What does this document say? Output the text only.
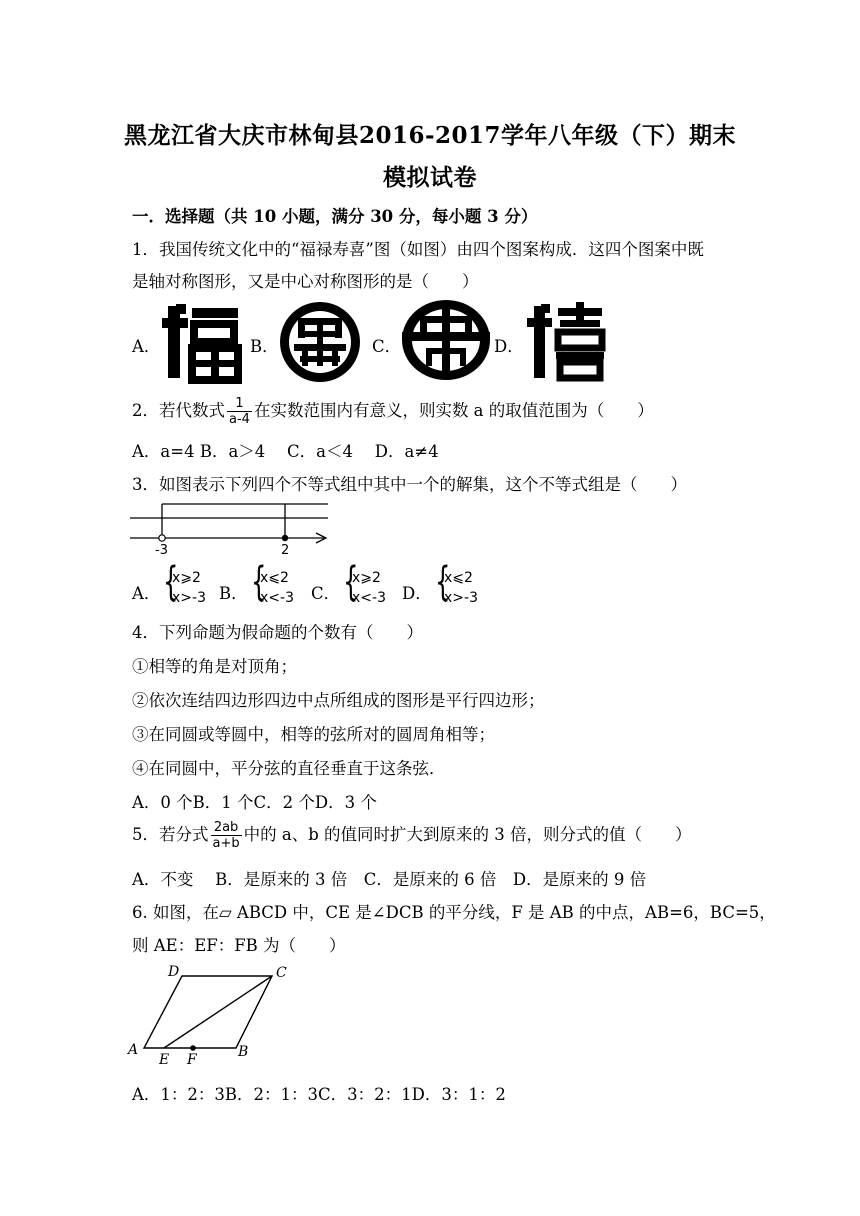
黑龙江省大庆市林甸县2016-2017学年八年级（下）期末
模拟试卷
一．选择题（共 10 小题，满分 30 分，每小题 3 分）
1．我国传统文化中的“福禄寿喜”图（如图）由四个图案构成．这四个图案中既
是轴对称图形，又是中心对称图形的是（　　）
A．	B．	C．	D．
2．若代数式 $\frac{1}{a-4}$ 在实数范围内有意义，则实数 a 的取值范围为（　　）
A．a=4 B．a＞4　 C．a＜4　 D．a≠4
3．如图表示下列四个不等式组中其中一个的解集，这个不等式组是（　　）
-3	2
A． {
x⩾2
x>-3 B． {
x⩽2
x<-3 C． {
x⩾2
x<-3 D． {
x⩽2
x>-3
4．下列命题为假命题的个数有（　　）
①相等的角是对顶角；
②依次连结四边形四边中点所组成的图形是平行四边形；
③在同圆或等圆中，相等的弦所对的圆周角相等；
④在同圆中，平分弦的直径垂直于这条弦．
A．0 个B．1 个C．2 个D．3 个
5．若分式 $\frac{2ab}{a+b}$ 中的 a、b 的值同时扩大到原来的 3 倍，则分式的值（　　）
A．不变　 B．是原来的 3 倍　C．是原来的 6 倍　D．是原来的 9 倍
6. 如图，在▱ ABCD 中，CE 是∠DCB 的平分线，F 是 AB 的中点，AB=6，BC=5，
则 AE：EF：FB 为（　　）
D	C
A
E F	B
A．1：2：3B．2：1：3C．3：2：1D．3：1：2
